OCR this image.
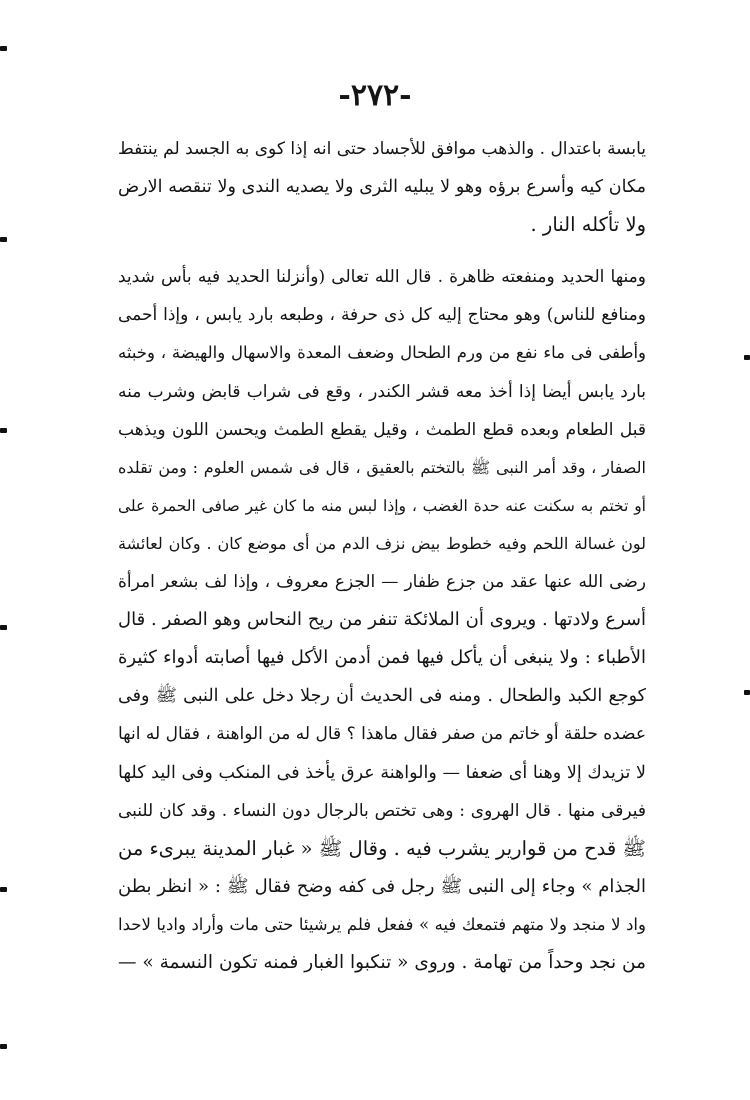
-٢٧٢-
يابسة باعتدال . والذهب موافق للأجساد حتى انه إذا كوى به الجسد لم ينتفط
مكان كيه وأسرع برؤه وهو لا يبليه الثرى ولا يصديه الندى ولا تنقصه الارض
ولا تأكله النار .
ومنها الحديد ومنفعته ظاهرة . قال الله تعالى (وأنزلنا الحديد فيه بأس شديد
ومنافع للناس) وهو محتاج إليه كل ذى حرفة ، وطبعه بارد يابس ، وإذا أحمى
وأطفى فى ماء نفع من ورم الطحال وضعف المعدة والاسهال والهيضة ، وخبثه
بارد يابس أيضا إذا أخذ معه قشر الكندر ، وقع فى شراب قابض وشرب منه
قبل الطعام وبعده قطع الطمث ، وقيل يقطع الطمث ويحسن اللون ويذهب
الصفار ، وقد أمر النبى ﷺ بالتختم بالعقيق ، قال فى شمس العلوم : ومن تقلده
أو تختم به سكنت عنه حدة الغضب ، وإذا لبس منه ما كان غير صافى الحمرة على
لون غسالة اللحم وفيه خطوط بيض نزف الدم من أى موضع كان . وكان لعائشة
رضى الله عنها عقد من جزع ظفار — الجزع معروف ، وإذا لف بشعر امرأة
أسرع ولادتها . ويروى أن الملائكة تنفر من ريح النحاس وهو الصفر . قال
الأطباء : ولا ينبغى أن يأكل فيها فمن أدمن الأكل فيها أصابته أدواء كثيرة
كوجع الكبد والطحال . ومنه فى الحديث أن رجلا دخل على النبى ﷺ وفى
عضده حلقة أو خاتم من صفر فقال ماهذا ؟ قال له من الواهنة ، فقال له انها
لا تزيدك إلا وهنا أى ضعفا — والواهنة عرق يأخذ فى المنكب وفى اليد كلها
فيرقى منها . قال الهروى : وهى تختص بالرجال دون النساء . وقد كان للنبى
ﷺ قدح من قوارير يشرب فيه . وقال ﷺ « غبار المدينة يبرىء من
الجذام » وجاء إلى النبى ﷺ رجل فى كفه وضح فقال ﷺ : « انظر بطن
واد لا منجد ولا متهم فتمعك فيه » ففعل فلم يرشيئا حتى مات وأراد واديا لاحدا
من نجد وحداً من تهامة . وروى « تنكبوا الغبار فمنه تكون النسمة » —
